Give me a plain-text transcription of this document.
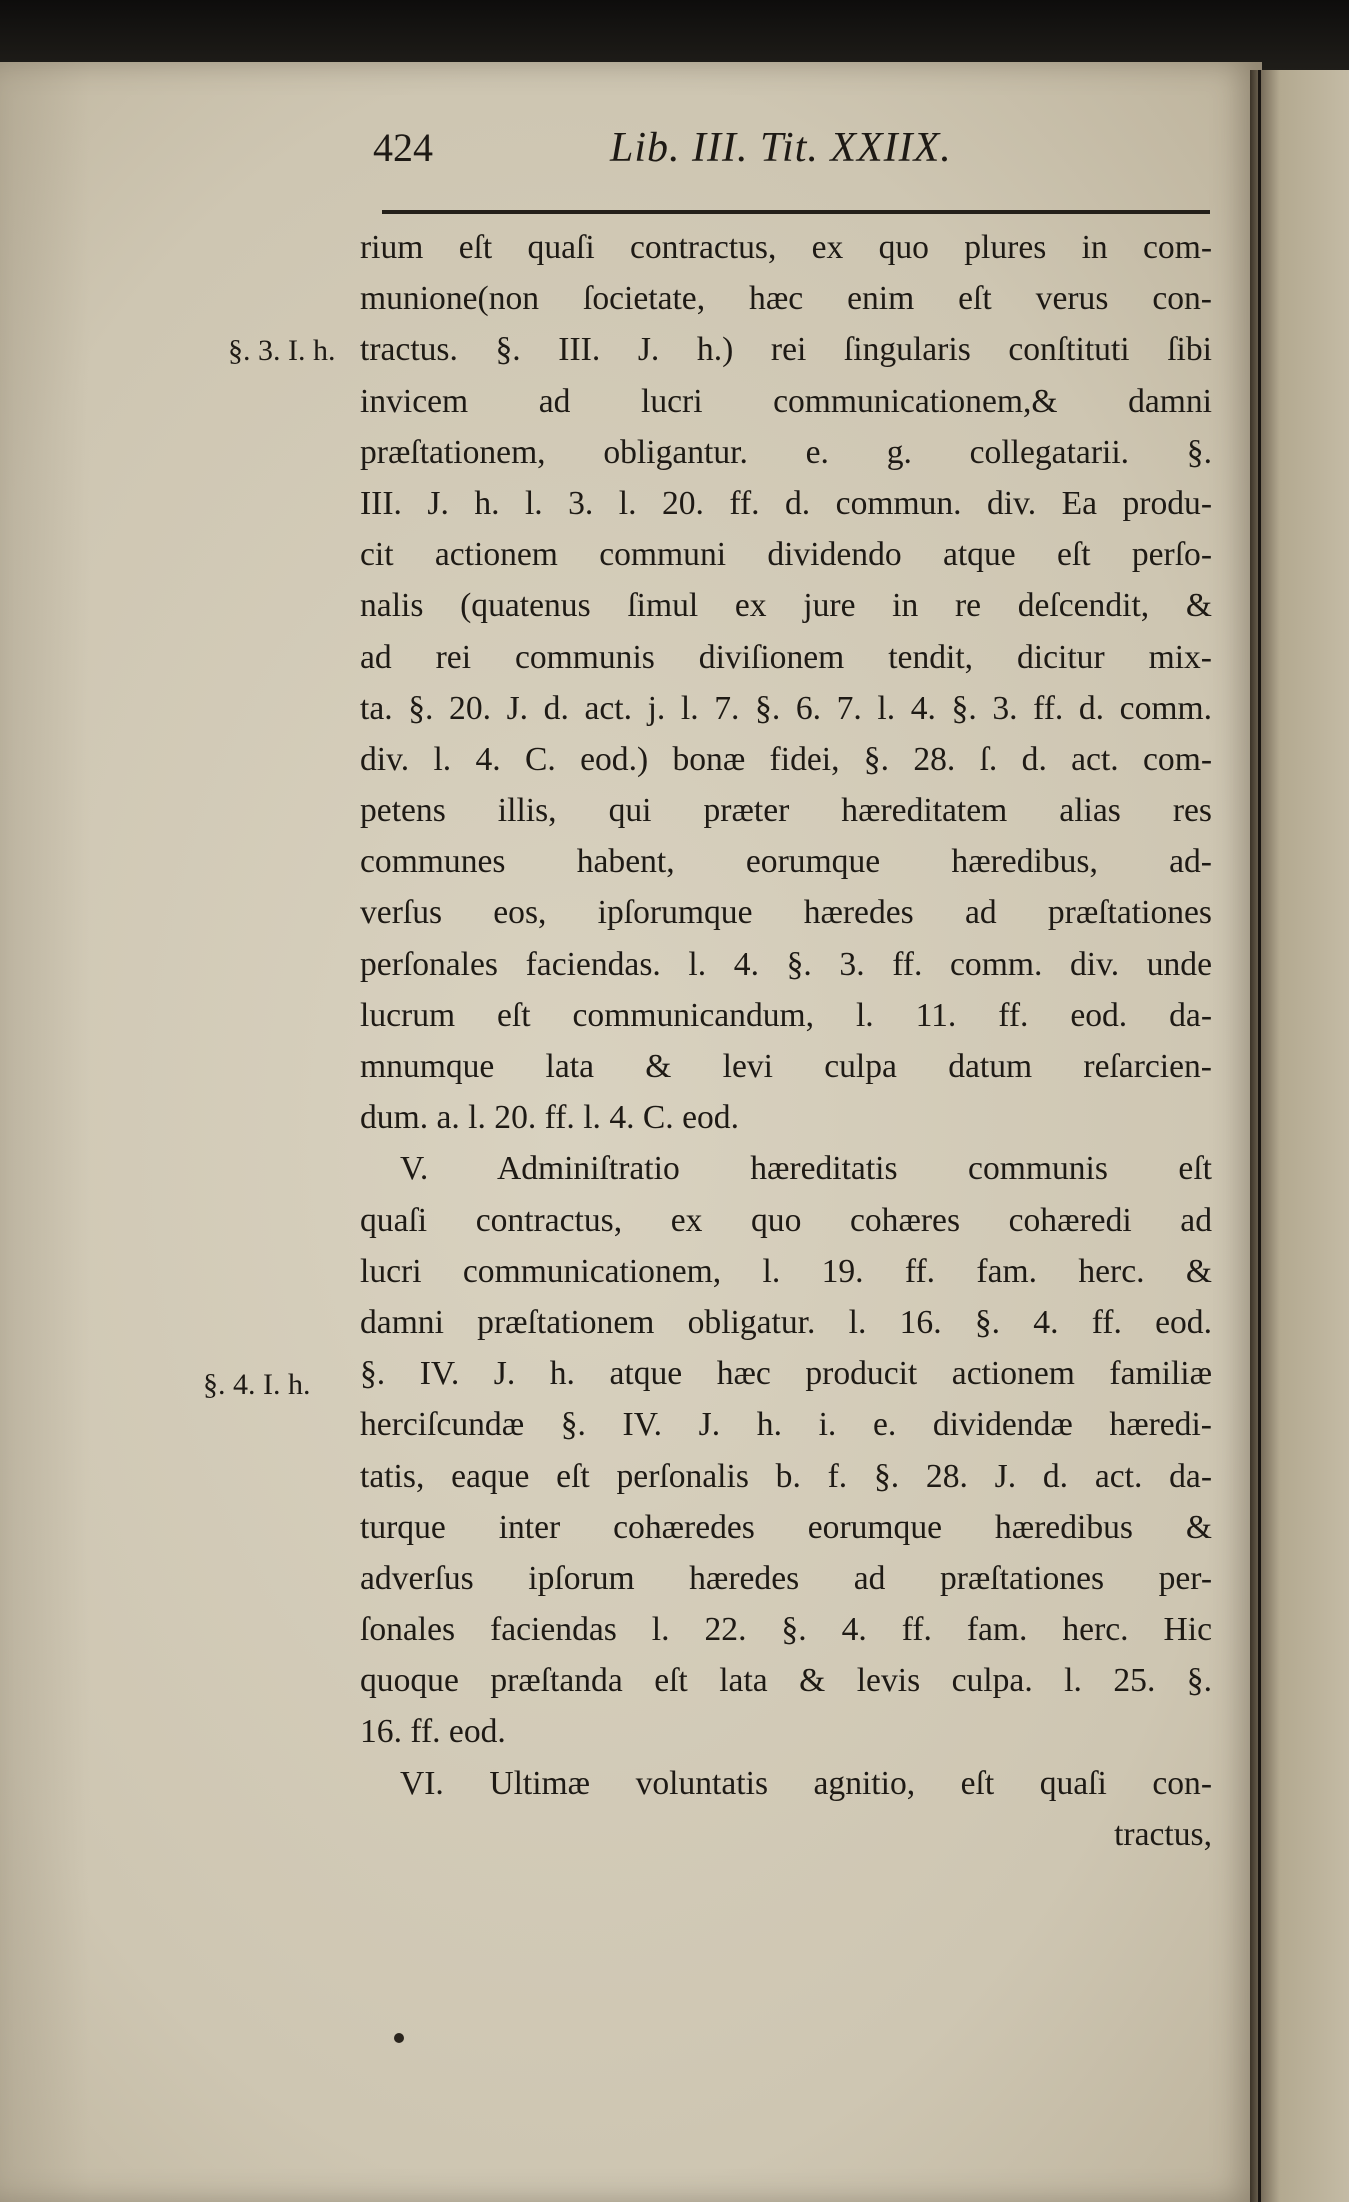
424	Lib. III. Tit. XXIIX.
§. 3. I. h.
§. 4. I. h.
rium eſt quaſi contractus, ex quo plures in com-
munione(non ſocietate, hæc enim eſt verus con-
tractus. §. III. J. h.) rei ſingularis conſtituti ſibi
invicem ad lucri communicationem,& damni
præſtationem, obligantur. e. g. collegatarii. §.
III. J. h. l. 3. l. 20. ff. d. commun. div. Ea produ-
cit actionem communi dividendo atque eſt perſo-
nalis (quatenus ſimul ex jure in re deſcendit, &
ad rei communis diviſionem tendit, dicitur mix-
ta. §. 20. J. d. act. j. l. 7. §. 6. 7. l. 4. §. 3. ff. d. comm.
div. l. 4. C. eod.) bonæ fidei, §. 28. ſ. d. act. com-
petens illis, qui præter hæreditatem alias res
communes habent, eorumque hæredibus, ad-
verſus eos, ipſorumque hæredes ad præſtationes
perſonales faciendas. l. 4. §. 3. ff. comm. div. unde
lucrum eſt communicandum, l. 11. ff. eod. da-
mnumque lata & levi culpa datum reſarcien-
dum. a. l. 20. ff. l. 4. C. eod.
V. Adminiſtratio hæreditatis communis eſt
quaſi contractus, ex quo cohæres cohæredi ad
lucri communicationem, l. 19. ff. fam. herc. &
damni præſtationem obligatur. l. 16. §. 4. ff. eod.
§. IV. J. h. atque hæc producit actionem familiæ
herciſcundæ §. IV. J. h. i. e. dividendæ hæredi-
tatis, eaque eſt perſonalis b. f. §. 28. J. d. act. da-
turque inter cohæredes eorumque hæredibus &
adverſus ipſorum hæredes ad præſtationes per-
ſonales faciendas l. 22. §. 4. ff. fam. herc. Hic
quoque præſtanda eſt lata & levis culpa. l. 25. §.
16. ff. eod.
VI. Ultimæ voluntatis agnitio, eſt quaſi con-
tractus,
